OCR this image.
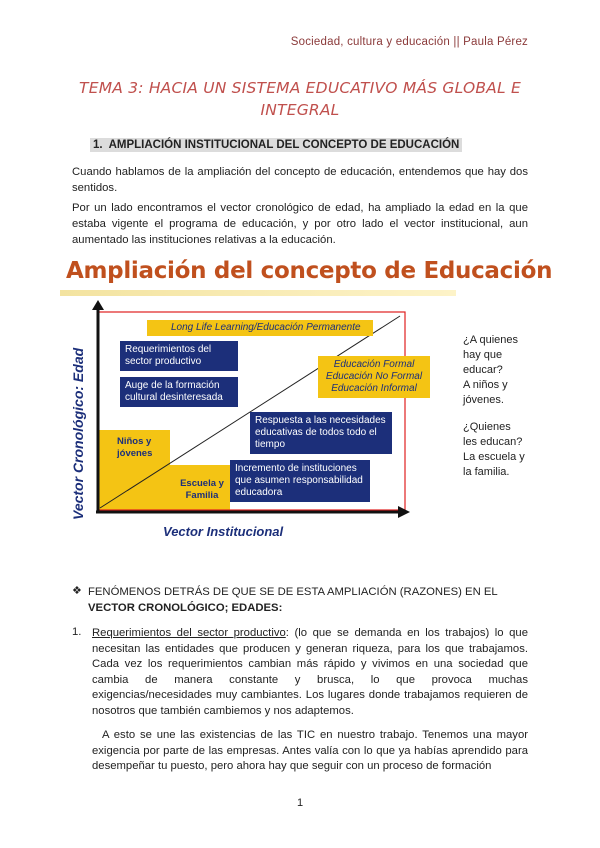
Sociedad, cultura y educación || Paula Pérez
TEMA 3: HACIA UN SISTEMA EDUCATIVO MÁS GLOBAL E
INTEGRAL
1. AMPLIACIÓN INSTITUCIONAL DEL CONCEPTO DE EDUCACIÓN
Cuando hablamos de la ampliación del concepto de educación, entendemos que hay dos sentidos.
Por un lado encontramos el vector cronológico de edad, ha ampliado la edad en la que estaba vigente el programa de educación, y por otro lado el vector institucional, aun aumentado las instituciones relativas a la educación.
Ampliación del concepto de Educación
Vector Cronológico: Edad
Vector Institucional
Long Life Learning/Educación Permanente
Requerimientos del sector productivo
Auge de la formación cultural desinteresada
Educación Formal
Educación No Formal
Educación Informal
Respuesta a las necesidades educativas de todos todo el tiempo
Niños y jóvenes
Escuela y Familia
Incremento de instituciones que asumen responsabilidad educadora
¿A quienes
hay que
educar?
A niños y
jóvenes.
¿Quienes
les educan?
La escuela y
la familia.
❖ FENÓMENOS DETRÁS DE QUE SE DE ESTA AMPLIACIÓN (RAZONES) EN EL
VECTOR CRONOLÓGICO; EDADES:
1. Requerimientos del sector productivo: (lo que se demanda en los trabajos) lo que necesitan las entidades que producen y generan riqueza, para los que trabajamos. Cada vez los requerimientos cambian más rápido y vivimos en una sociedad que cambia de manera constante y brusca, lo que provoca muchas exigencias/necesidades muy cambiantes. Los lugares donde trabajamos requieren de nosotros que también cambiemos y nos adaptemos.
A esto se une las existencias de las TIC en nuestro trabajo. Tenemos una mayor exigencia por parte de las empresas. Antes valía con lo que ya habías aprendido para desempeñar tu puesto, pero ahora hay que seguir con un proceso de formación
1
